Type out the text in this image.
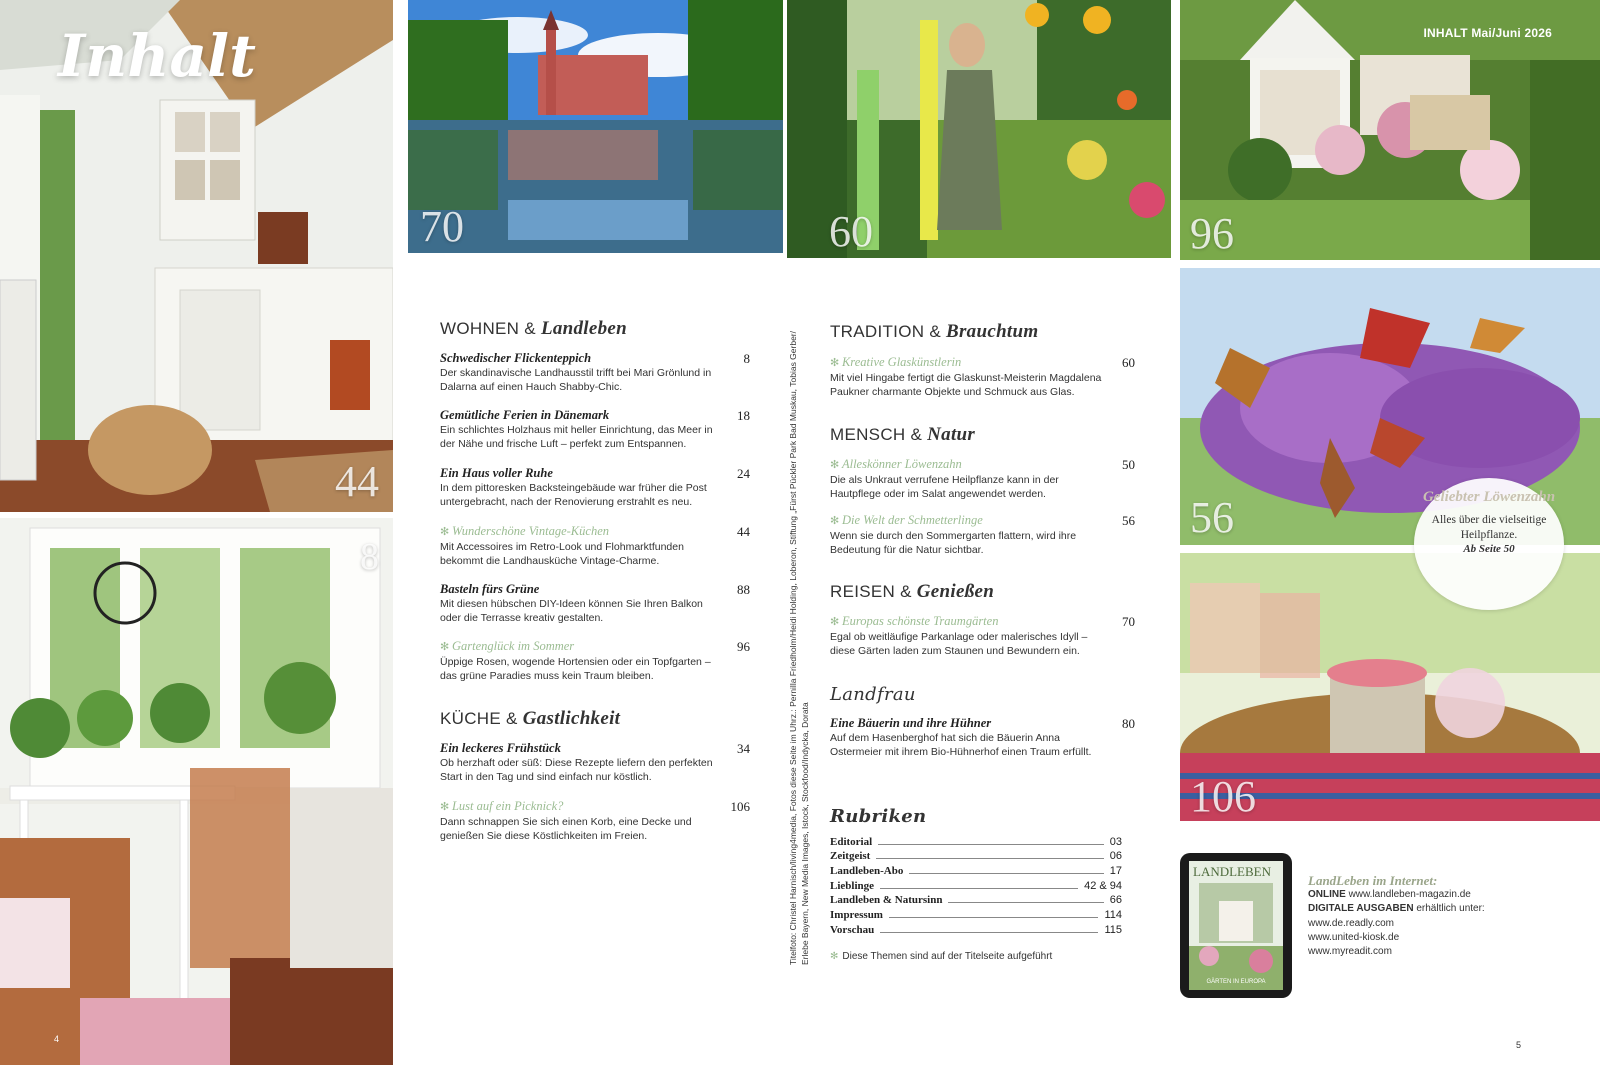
44
8
Inhalt
70	60
INHALT Mai/Juni 2026
96
56
106
Geliebter Löwenzahn
Alles über die vielseitige Heilpflanze.
Ab Seite 50
WOHNEN & Landleben
Schwedischer Flickenteppich
Der skandinavische Landhausstil trifft bei Mari Grönlund in Dalarna auf einen Hauch Shabby-Chic.
8
Gemütliche Ferien in Dänemark
Ein schlichtes Holzhaus mit heller Einrichtung, das Meer in der Nähe und frische Luft – perfekt zum Entspannen.
18
Ein Haus voller Ruhe
In dem pittoresken Backsteingebäude war früher die Post untergebracht, nach der Renovierung erstrahlt es neu.
24
✻ Wunderschöne Vintage-Küchen
Mit Accessoires im Retro-Look und Flohmarktfunden bekommt die Landhausküche Vintage-Charme.
44
Basteln fürs Grüne
Mit diesen hübschen DIY-Ideen können Sie Ihren Balkon oder die Terrasse kreativ gestalten.
88
✻ Gartenglück im Sommer
Üppige Rosen, wogende Hortensien oder ein Topfgarten – das grüne Paradies muss kein Traum bleiben.
96
KÜCHE & Gastlichkeit
Ein leckeres Frühstück
Ob herzhaft oder süß: Diese Rezepte liefern den perfekten Start in den Tag und sind einfach nur köstlich.
34
✻ Lust auf ein Picknick?
Dann schnappen Sie sich einen Korb, eine Decke und genießen Sie diese Köstlichkeiten im Freien.
106	Titelfoto: Christel Harnisch/living4media, Fotos diese Seite im Uhrz.: Pernilla Friedholm/Heidi Holding, Loberon, Stiftung „Fürst Pückler Park Bad Muskau, Tobias Gerber/ Erlebe Bayern, New Media Images, Istock, Stockfood/Indycka, Dorata
TRADITION & Brauchtum
✻ Kreative Glaskünstlerin
Mit viel Hingabe fertigt die Glaskunst-Meisterin Magdalena Paukner charmante Objekte und Schmuck aus Glas.
60
MENSCH & Natur
✻ Alleskönner Löwenzahn
Die als Unkraut verrufene Heilpflanze kann in der Hautpflege oder im Salat angewendet werden.
50
✻ Die Welt der Schmetterlinge
Wenn sie durch den Sommergarten flattern, wird ihre Bedeutung für die Natur sichtbar.
56
REISEN & Genießen
✻ Europas schönste Traumgärten
Egal ob weitläufige Parkanlage oder malerisches Idyll – diese Gärten laden zum Staunen und Bewundern ein.
70
Landfrau
Eine Bäuerin und ihre Hühner
Auf dem Hasenberghof hat sich die Bäuerin Anna Ostermeier mit ihrem Bio-Hühnerhof einen Traum erfüllt.
80
Rubriken
Editorial	03
Zeitgeist	06
Landleben-Abo	17
Lieblinge	42 & 94
Landleben & Natursinn	66
Impressum	114
Vorschau	115
✻ Diese Themen sind auf der Titelseite aufgeführt
LANDLEBEN
GÄRTEN IN EUROPA
LandLeben im Internet:
ONLINE www.landleben-magazin.de
DIGITALE AUSGABEN erhältlich unter:
www.de.readly.com
www.united-kiosk.de
www.myreadit.com
4
5
